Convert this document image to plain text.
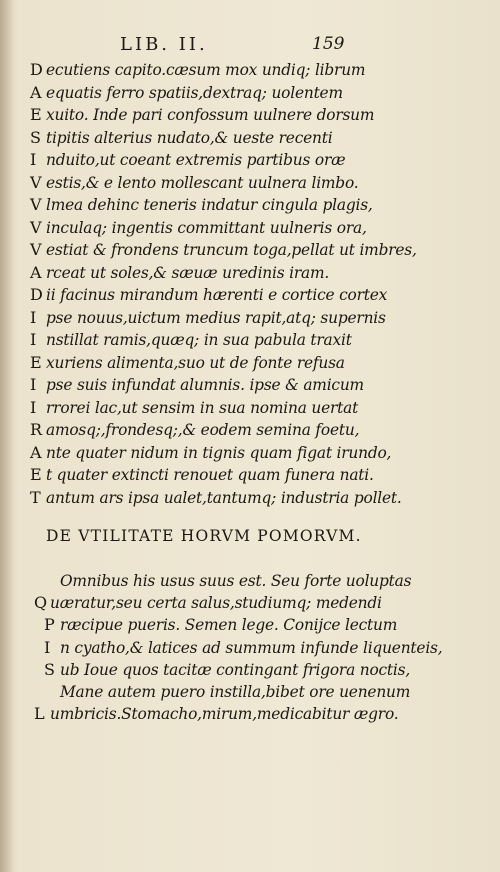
LIB. II.	159
D ecutiens capito.cæsum mox undiq; librum
A equatis ferro spatiis,dextraq; uolentem
E xuito. Inde pari confossum uulnere dorsum
S tipitis alterius nudato,& ueste recenti
I nduito,ut coeant extremis partibus oræ
V estis,& e lento mollescant uulnera limbo.
V lmea dehinc teneris indatur cingula plagis,
V inculaq; ingentis committant uulneris ora,
V estiat & frondens truncum toga,pellat ut imbres,
A rceat ut soles,& sæuæ uredinis iram.
D ii facinus mirandum hærenti e cortice cortex
I pse nouus,uictum medius rapit,atq; supernis
I nstillat ramis,quæq; in sua pabula traxit
E xuriens alimenta,suo ut de fonte refusa
I pse suis infundat alumnis. ipse & amicum
I rrorei lac,ut sensim in sua nomina uertat
R amosq;,frondesq;,& eodem semina foetu,
A nte quater nidum in tignis quam figat irundo,
E t quater extincti renouet quam funera nati.
T antum ars ipsa ualet,tantumq; industria pollet.
DE VTILITATE HORVM POMORVM.
Omnibus his usus suus est. Seu forte uoluptas
Q uæratur,seu certa salus,studiumq; medendi
P ræcipue pueris. Semen lege. Conijce lectum
I n cyatho,& latices ad summum infunde liquenteis,
S ub Ioue quos tacitæ contingant frigora noctis,
Mane autem puero instilla,bibet ore uenenum
L umbricis.Stomacho,mirum,medicabitur ægro.
